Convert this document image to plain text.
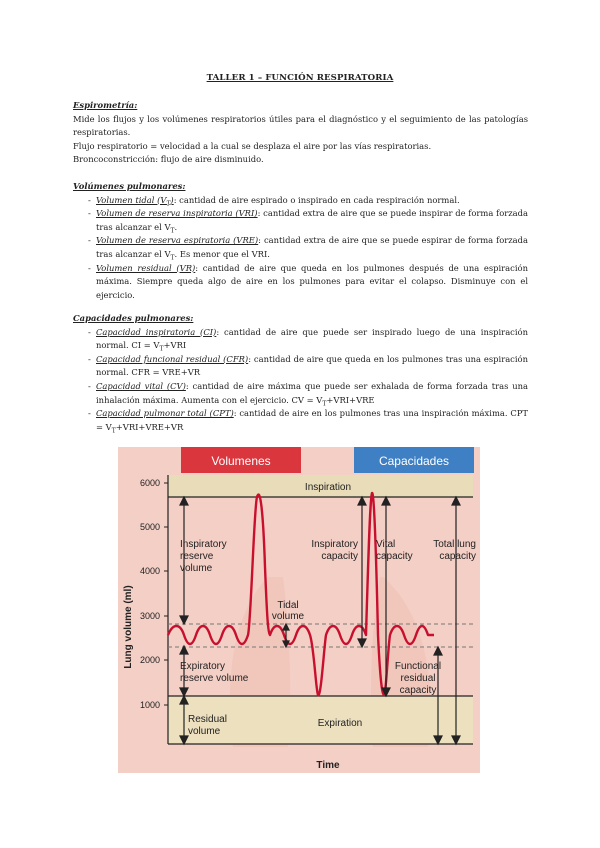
TALLER 1 – FUNCIÓN RESPIRATORIA
Espirometría:
Mide los flujos y los volúmenes respiratorios útiles para el diagnóstico y el seguimiento de las patologías respiratorias.
Flujo respiratorio = velocidad a la cual se desplaza el aire por las vías respiratorias.
Broncoconstricción: flujo de aire disminuido.
Volúmenes pulmonares:
- Volumen tidal $(V_T)$: cantidad de aire espirado o inspirado en cada respiración normal.
- Volumen de reserva inspiratoria (VRI): cantidad extra de aire que se puede inspirar de forma forzada tras alcanzar el $V_T$.
- Volumen de reserva espiratoria (VRE): cantidad extra de aire que se puede espirar de forma forzada tras alcanzar el $V_T$. Es menor que el VRI.
- Volumen residual (VR): cantidad de aire que queda en los pulmones después de una espiración máxima. Siempre queda algo de aire en los pulmones para evitar el colapso. Disminuye con el ejercicio.
Capacidades pulmonares:
- Capacidad inspiratoria (CI): cantidad de aire que puede ser inspirado luego de una inspiración normal. CI = $V_T+VRI$
- Capacidad funcional residual (CFR): cantidad de aire que queda en los pulmones tras una espiración normal. CFR = VRE+VR
- Capacidad vital (CV): cantidad de aire máxima que puede ser exhalada de forma forzada tras una inhalación máxima. Aumenta con el ejercicio. CV = $V_T+VRI+VRE$
- Capacidad pulmonar total (CPT): cantidad de aire en los pulmones tras una inspiración máxima. CPT = $V_T+VRI+VRE+VR$
Volumenes	Capacidades
Inspiration
Expiration
6000
5000
4000
3000
2000
1000
Lung volume (ml)
Time
Inspiratory
reserve
volume
Tidal
volume
Expiratory
reserve volume
Residual
volume
Inspiratory
capacity
Vital
capacity
Total lung
capacity
Functional
residual
capacity
